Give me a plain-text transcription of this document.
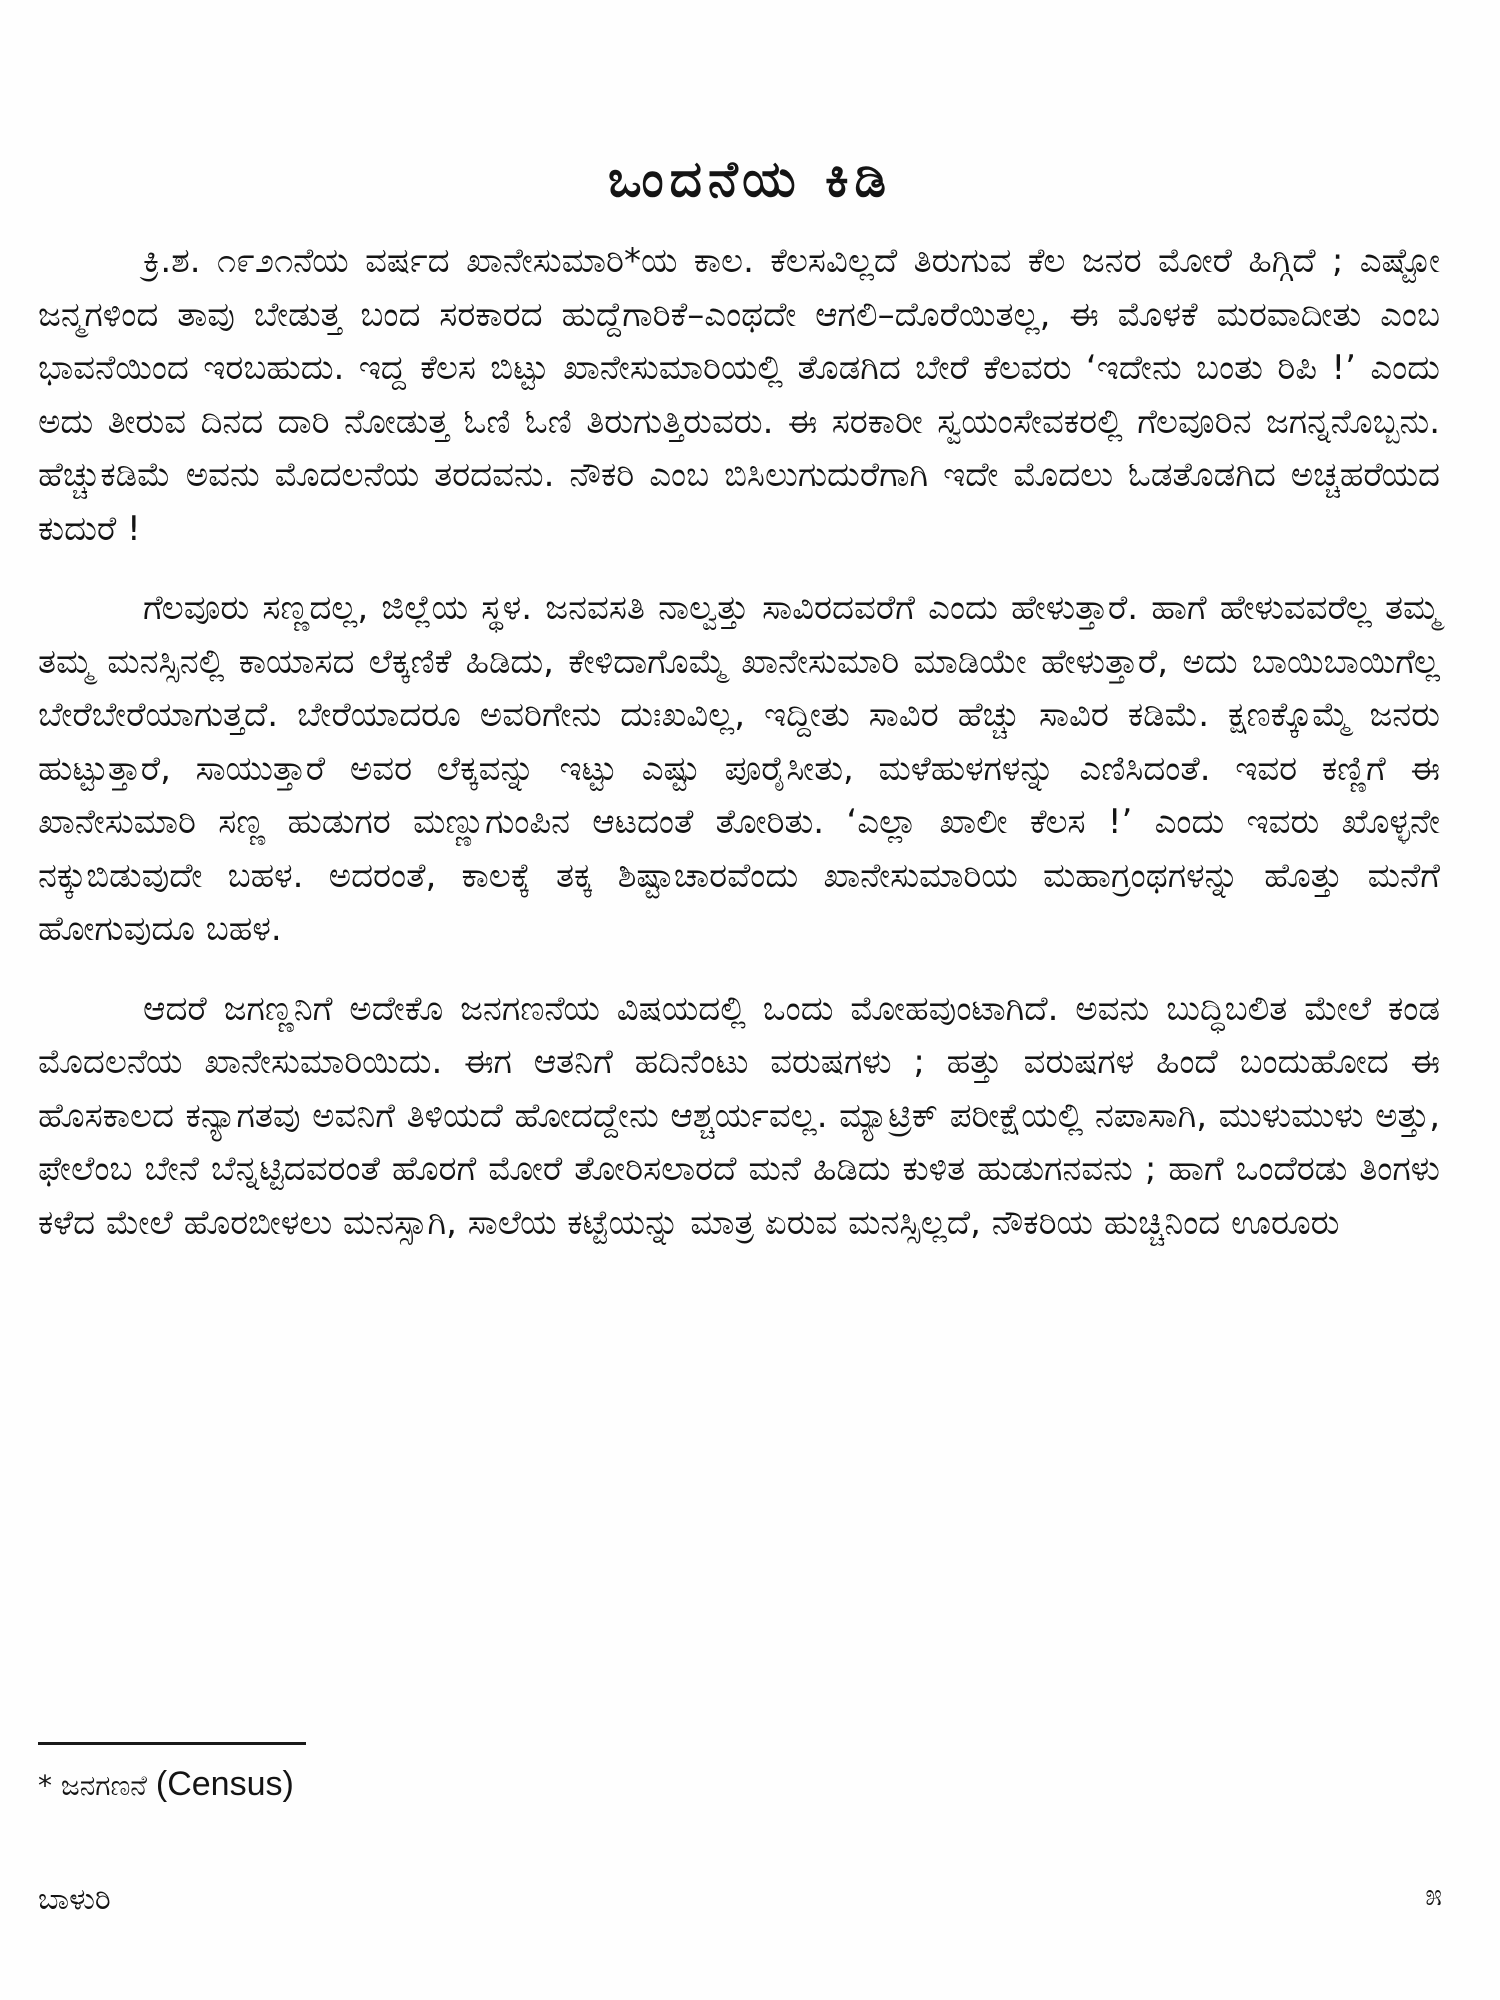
ಒಂದನೆಯ ಕಿಡಿ

ಕ್ರಿ.ಶ. ೧೯೨೧ನೆಯ ವರ್ಷದ ಖಾನೇಸುಮಾರಿ*ಯ ಕಾಲ. ಕೆಲಸವಿಲ್ಲದೆ ತಿರುಗುವ ಕೆಲ ಜನರ ಮೋರೆ ಹಿಗ್ಗಿದೆ ; ಎಷ್ಟೋ ಜನ್ಮಗಳಿಂದ ತಾವು ಬೇಡುತ್ತ ಬಂದ ಸರಕಾರದ ಹುದ್ದೆಗಾರಿಕೆ–ಎಂಥದೇ ಆಗಲಿ–ದೊರೆಯಿತಲ್ಲ, ಈ ಮೊಳಕೆ ಮರವಾದೀತು ಎಂಬ ಭಾವನೆಯಿಂದ ಇರಬಹುದು. ಇದ್ದ ಕೆಲಸ ಬಿಟ್ಟು ಖಾನೇಸುಮಾರಿಯಲ್ಲಿ ತೊಡಗಿದ ಬೇರೆ ಕೆಲವರು ‘ಇದೇನು ಬಂತು ರಿಪಿ !’ ಎಂದು ಅದು ತೀರುವ ದಿನದ ದಾರಿ ನೋಡುತ್ತ ಓಣಿ ಓಣಿ ತಿರುಗುತ್ತಿರುವರು. ಈ ಸರಕಾರೀ ಸ್ವಯಂಸೇವಕರಲ್ಲಿ ಗೆಲವೂರಿನ ಜಗನ್ನನೊಬ್ಬನು. ಹೆಚ್ಚುಕಡಿಮೆ ಅವನು ಮೊದಲನೆಯ ತರದವನು. ನೌಕರಿ ಎಂಬ ಬಿಸಿಲುಗುದುರೆಗಾಗಿ ಇದೇ ಮೊದಲು ಓಡತೊಡಗಿದ ಅಚ್ಚಹರೆಯದ ಕುದುರೆ !

ಗೆಲವೂರು ಸಣ್ಣದಲ್ಲ, ಜಿಲ್ಲೆಯ ಸ್ಥಳ. ಜನವಸತಿ ನಾಲ್ವತ್ತು ಸಾವಿರದವರೆಗೆ ಎಂದು ಹೇಳುತ್ತಾರೆ. ಹಾಗೆ ಹೇಳುವವರೆಲ್ಲ ತಮ್ಮ ತಮ್ಮ ಮನಸ್ಸಿನಲ್ಲಿ ಕಾಯಾಸದ ಲೆಕ್ಕಣಿಕೆ ಹಿಡಿದು, ಕೇಳಿದಾಗೊಮ್ಮೆ ಖಾನೇಸುಮಾರಿ ಮಾಡಿಯೇ ಹೇಳುತ್ತಾರೆ, ಅದು ಬಾಯಿಬಾಯಿಗೆಲ್ಲ ಬೇರೆಬೇರೆಯಾಗುತ್ತದೆ. ಬೇರೆಯಾದರೂ ಅವರಿಗೇನು ದುಃಖವಿಲ್ಲ, ಇದ್ದೀತು ಸಾವಿರ ಹೆಚ್ಚು ಸಾವಿರ ಕಡಿಮೆ. ಕ್ಷಣಕ್ಕೊಮ್ಮೆ ಜನರು ಹುಟ್ಟುತ್ತಾರೆ, ಸಾಯುತ್ತಾರೆ ಅವರ ಲೆಕ್ಕವನ್ನು ಇಟ್ಟು ಎಷ್ಟು ಪೂರೈಸೀತು, ಮಳೆಹುಳಗಳನ್ನು ಎಣಿಸಿದಂತೆ. ಇವರ ಕಣ್ಣಿಗೆ ಈ ಖಾನೇಸುಮಾರಿ ಸಣ್ಣ ಹುಡುಗರ ಮಣ್ಣುಗುಂಪಿನ ಆಟದಂತೆ ತೋರಿತು. ‘ಎಲ್ಲಾ ಖಾಲೀ ಕೆಲಸ !’ ಎಂದು ಇವರು ಖೊಳ್ಳನೇ ನಕ್ಕುಬಿಡುವುದೇ ಬಹಳ. ಅದರಂತೆ, ಕಾಲಕ್ಕೆ ತಕ್ಕ ಶಿಷ್ಟಾಚಾರವೆಂದು ಖಾನೇಸುಮಾರಿಯ ಮಹಾಗ್ರಂಥಗಳನ್ನು ಹೊತ್ತು ಮನೆಗೆ ಹೋಗುವುದೂ ಬಹಳ.

ಆದರೆ ಜಗಣ್ಣನಿಗೆ ಅದೇಕೊ ಜನಗಣನೆಯ ವಿಷಯದಲ್ಲಿ ಒಂದು ಮೋಹವುಂಟಾಗಿದೆ. ಅವನು ಬುದ್ಧಿಬಲಿತ ಮೇಲೆ ಕಂಡ ಮೊದಲನೆಯ ಖಾನೇಸುಮಾರಿಯಿದು. ಈಗ ಆತನಿಗೆ ಹದಿನೆಂಟು ವರುಷಗಳು ; ಹತ್ತು ವರುಷಗಳ ಹಿಂದೆ ಬಂದುಹೋದ ಈ ಹೊಸಕಾಲದ ಕನ್ಯಾಗತವು ಅವನಿಗೆ ತಿಳಿಯದೆ ಹೋದದ್ದೇನು ಆಶ್ಚರ್ಯವಲ್ಲ. ಮ್ಯಾಟ್ರಿಕ್ ಪರೀಕ್ಷೆಯಲ್ಲಿ ನಪಾಸಾಗಿ, ಮುಳುಮುಳು ಅತ್ತು, ಫೇಲೆಂಬ ಬೇನೆ ಬೆನ್ನಟ್ಟಿದವರಂತೆ ಹೊರಗೆ ಮೋರೆ ತೋರಿಸಲಾರದೆ ಮನೆ ಹಿಡಿದು ಕುಳಿತ ಹುಡುಗನವನು ; ಹಾಗೆ ಒಂದೆರಡು ತಿಂಗಳು ಕಳೆದ ಮೇಲೆ ಹೊರಬೀಳಲು ಮನಸ್ಸಾಗಿ, ಸಾಲೆಯ ಕಟ್ಟೆಯನ್ನು ಮಾತ್ರ ಏರುವ ಮನಸ್ಸಿಲ್ಲದೆ, ನೌಕರಿಯ ಹುಚ್ಚಿನಿಂದ ಊರೂರು

* ಜನಗಣನೆ (Census)
ಬಾಳುರಿ	೫
